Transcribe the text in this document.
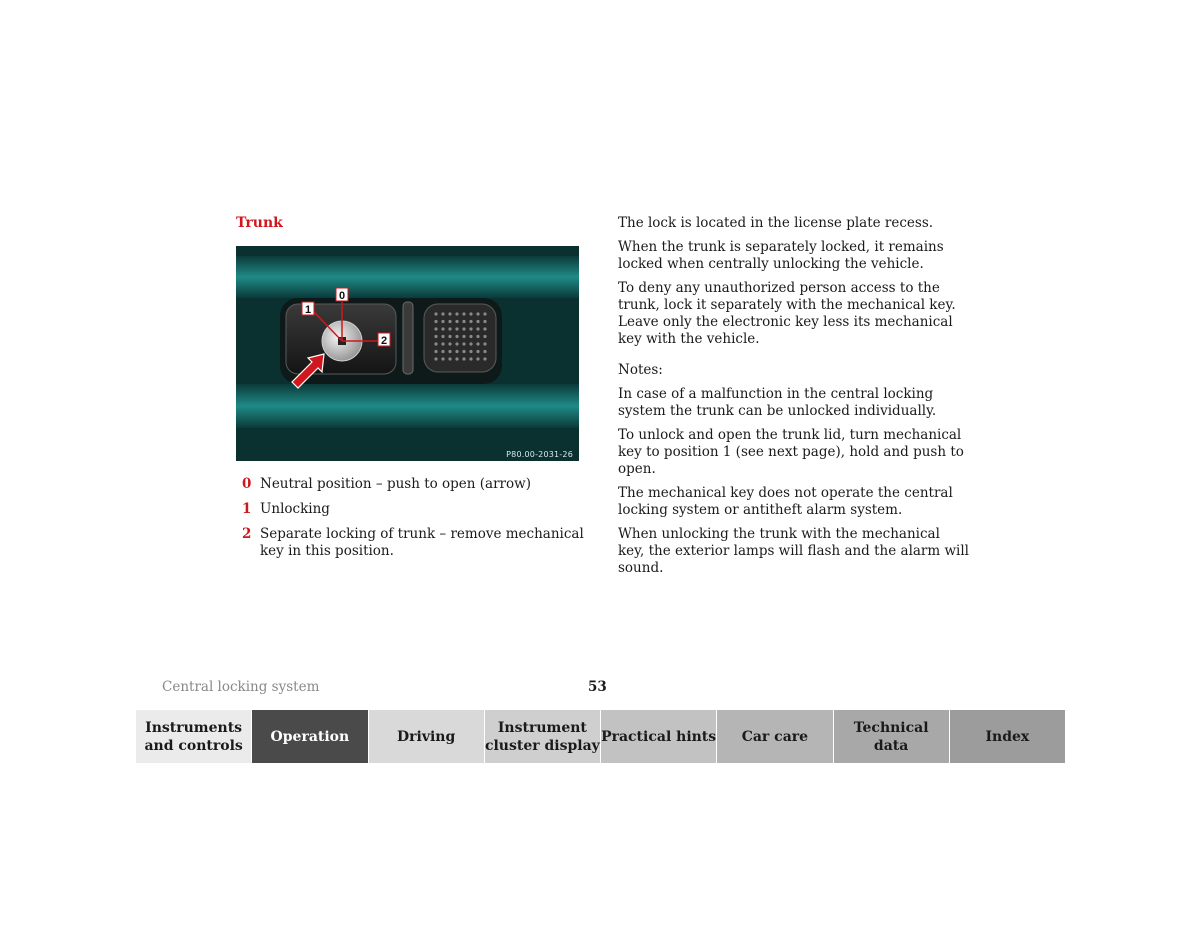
Trunk
0
1
2
P80.00-2031-26
0 Neutral position – push to open (arrow)
1 Unlocking
2 Separate locking of trunk – remove mechanical key in this position.

The lock is located in the license plate recess.

When the trunk is separately locked, it remains locked when centrally unlocking the vehicle.

To deny any unauthorized person access to the trunk, lock it separately with the mechanical key. Leave only the electronic key less its mechanical key with the vehicle.

Notes:

In case of a malfunction in the central locking system the trunk can be unlocked individually.

To unlock and open the trunk lid, turn mechanical key to position 1 (see next page), hold and push to open.

The mechanical key does not operate the central locking system or antitheft alarm system.

When unlocking the trunk with the mechanical key, the exterior lamps will flash and the alarm will sound.

Central locking system	53
Instruments
and controls
Operation	Driving
Instrument
cluster display
Practical hints	Car care
Technical
data
Index
